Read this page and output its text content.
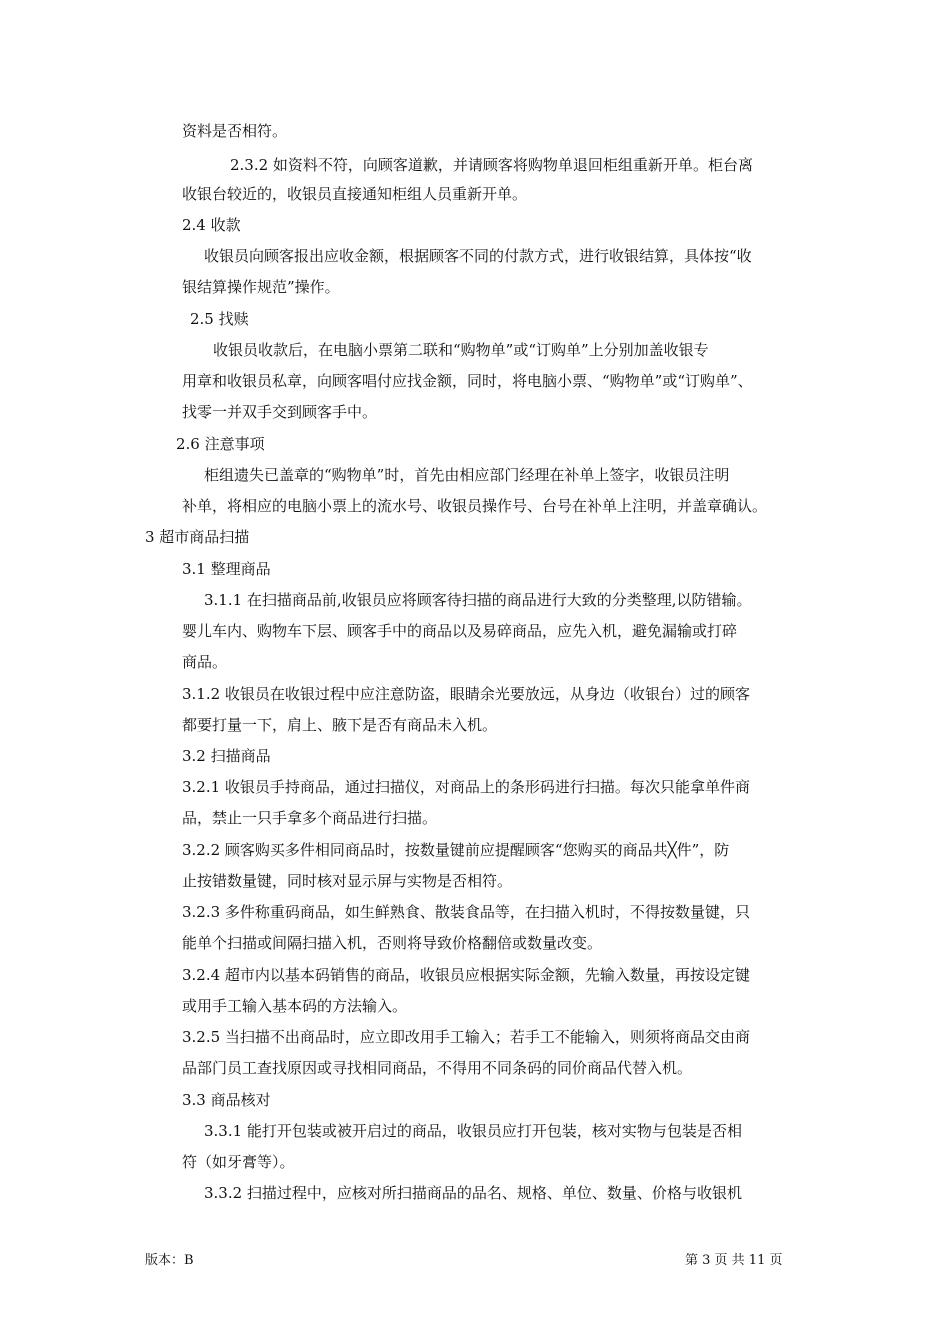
资料是否相符。
2.3.2 如资料不符，向顾客道歉，并请顾客将购物单退回柜组重新开单。柜台离
收银台较近的，收银员直接通知柜组人员重新开单。
2.4 收款
收银员向顾客报出应收金额，根据顾客不同的付款方式，进行收银结算，具体按“收
银结算操作规范”操作。
2.5 找赎
收银员收款后，在电脑小票第二联和“购物单”或“订购单”上分别加盖收银专
用章和收银员私章，向顾客唱付应找金额，同时，将电脑小票、“购物单”或“订购单”、
找零一并双手交到顾客手中。
2.6 注意事项
柜组遗失已盖章的“购物单”时，首先由相应部门经理在补单上签字，收银员注明
补单，将相应的电脑小票上的流水号、收银员操作号、台号在补单上注明，并盖章确认。
3 超市商品扫描
3.1 整理商品
3.1.1 在扫描商品前,收银员应将顾客待扫描的商品进行大致的分类整理,以防错输。
婴儿车内、购物车下层、顾客手中的商品以及易碎商品，应先入机，避免漏输或打碎
商品。
3.1.2 收银员在收银过程中应注意防盗，眼睛余光要放远，从身边（收银台）过的顾客
都要打量一下，肩上、腋下是否有商品未入机。
3.2 扫描商品
3.2.1 收银员手持商品，通过扫描仪，对商品上的条形码进行扫描。每次只能拿单件商
品，禁止一只手拿多个商品进行扫描。
3.2.2 顾客购买多件相同商品时，按数量键前应提醒顾客“您购买的商品共╳件”，防
止按错数量键，同时核对显示屏与实物是否相符。
3.2.3 多件称重码商品，如生鲜熟食、散装食品等，在扫描入机时，不得按数量键，只
能单个扫描或间隔扫描入机，否则将导致价格翻倍或数量改变。
3.2.4 超市内以基本码销售的商品，收银员应根据实际金额，先输入数量，再按设定键
或用手工输入基本码的方法输入。
3.2.5 当扫描不出商品时，应立即改用手工输入；若手工不能输入，则须将商品交由商
品部门员工查找原因或寻找相同商品，不得用不同条码的同价商品代替入机。
3.3 商品核对
3.3.1 能打开包装或被开启过的商品，收银员应打开包装，核对实物与包装是否相
符（如牙膏等）。
3.3.2 扫描过程中，应核对所扫描商品的品名、规格、单位、数量、价格与收银机
版本：B	第 3 页 共 11 页
